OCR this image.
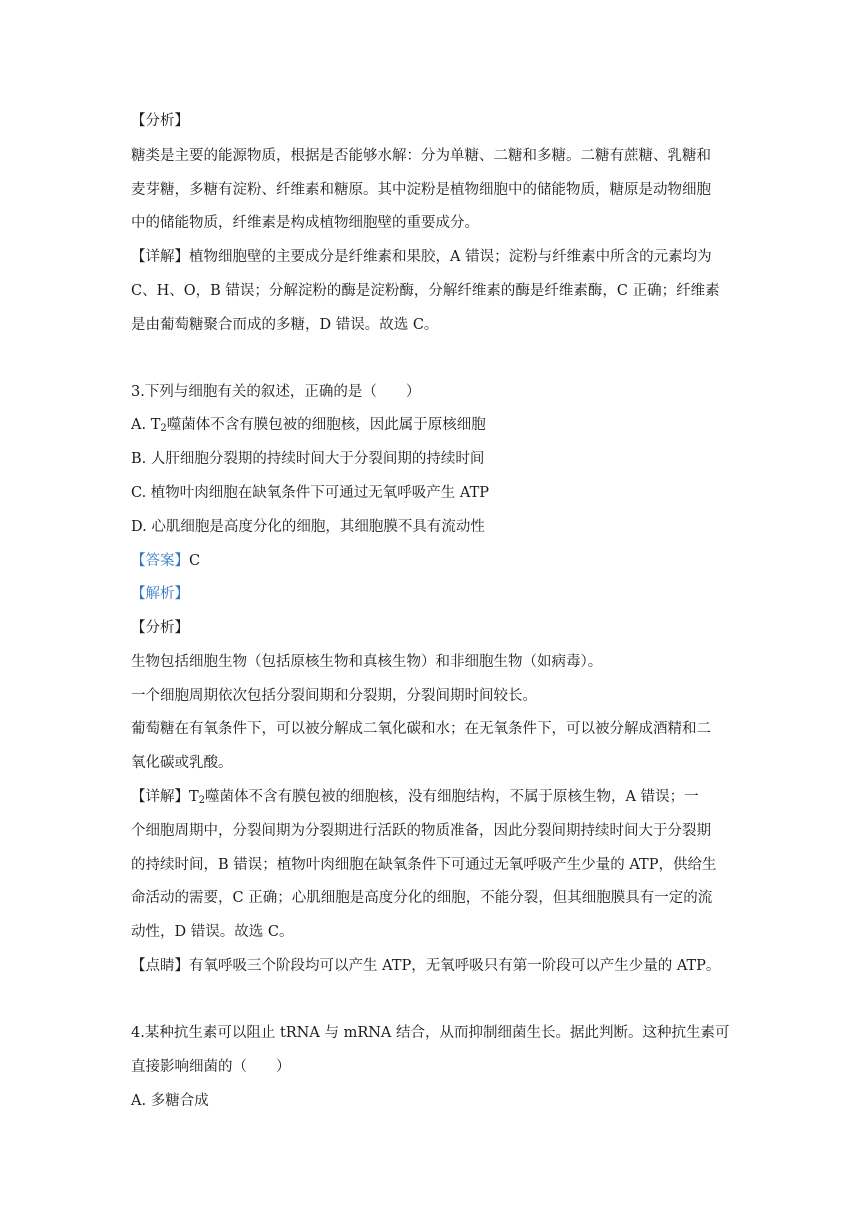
【分析】
糖类是主要的能源物质，根据是否能够水解：分为单糖、二糖和多糖。二糖有蔗糖、乳糖和
麦芽糖，多糖有淀粉、纤维素和糖原。其中淀粉是植物细胞中的储能物质，糖原是动物细胞
中的储能物质，纤维素是构成植物细胞壁的重要成分。
【详解】植物细胞壁的主要成分是纤维素和果胶，A 错误；淀粉与纤维素中所含的元素均为
C、H、O，B 错误；分解淀粉的酶是淀粉酶，分解纤维素的酶是纤维素酶，C 正确；纤维素
是由葡萄糖聚合而成的多糖，D 错误。故选 C。
3.下列与细胞有关的叙述，正确的是（　　）
A. $T_2$噬菌体不含有膜包被的细胞核，因此属于原核细胞
B. 人肝细胞分裂期的持续时间大于分裂间期的持续时间
C. 植物叶肉细胞在缺氧条件下可通过无氧呼吸产生 ATP
D. 心肌细胞是高度分化的细胞，其细胞膜不具有流动性
【答案】C
【解析】
【分析】
生物包括细胞生物（包括原核生物和真核生物）和非细胞生物（如病毒）。
一个细胞周期依次包括分裂间期和分裂期，分裂间期时间较长。
葡萄糖在有氧条件下，可以被分解成二氧化碳和水；在无氧条件下，可以被分解成酒精和二
氧化碳或乳酸。
【详解】$T_2$噬菌体不含有膜包被的细胞核，没有细胞结构，不属于原核生物，A 错误；一
个细胞周期中，分裂间期为分裂期进行活跃的物质准备，因此分裂间期持续时间大于分裂期
的持续时间，B 错误；植物叶肉细胞在缺氧条件下可通过无氧呼吸产生少量的 ATP，供给生
命活动的需要，C 正确；心肌细胞是高度分化的细胞，不能分裂，但其细胞膜具有一定的流
动性，D 错误。故选 C。
【点睛】有氧呼吸三个阶段均可以产生 ATP，无氧呼吸只有第一阶段可以产生少量的 ATP。
4.某种抗生素可以阻止 tRNA 与 mRNA 结合，从而抑制细菌生长。据此判断。这种抗生素可
直接影响细菌的（　　）
A. 多糖合成
